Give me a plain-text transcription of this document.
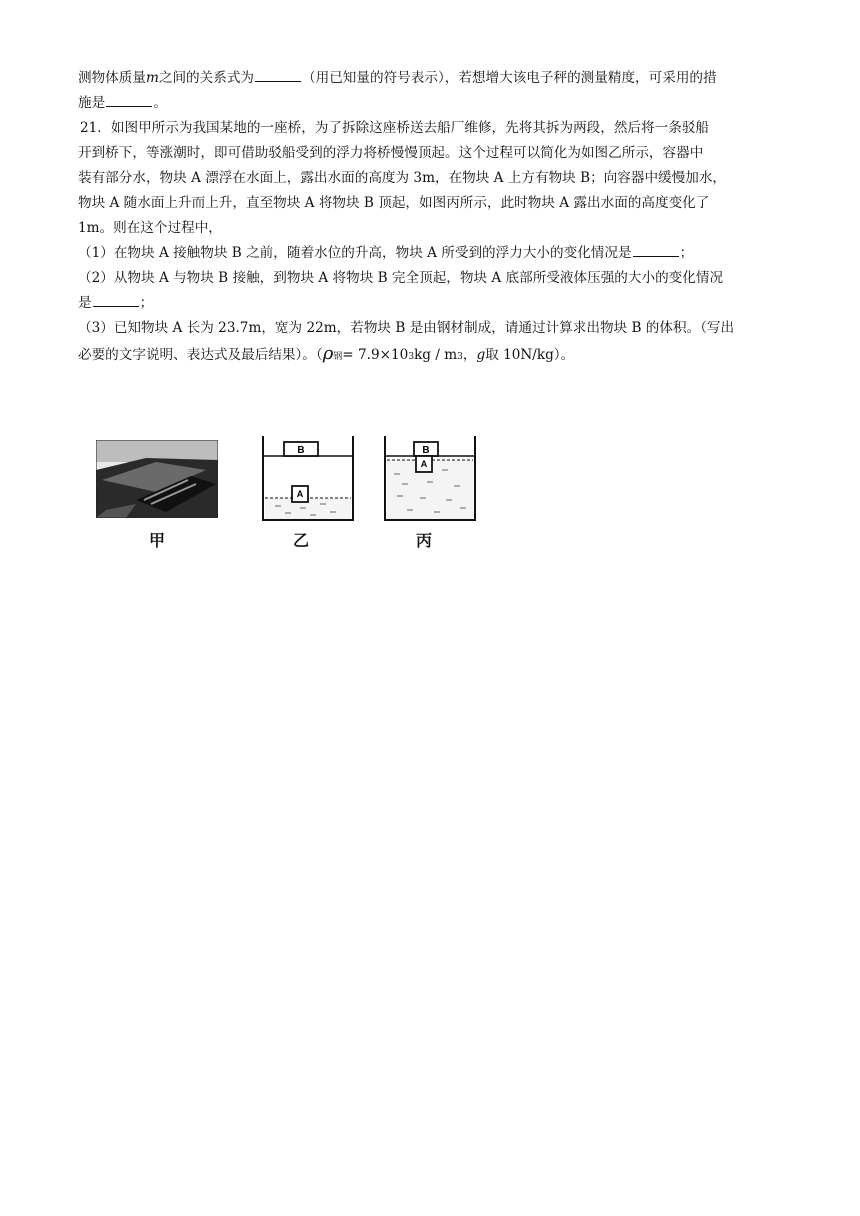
测物体质量 m 之间的关系式为	（用已知量的符号表示），若想增大该电子秤的测量精度，可采用的措
施是	。
21．如图甲所示为我国某地的一座桥，为了拆除这座桥送去船厂维修，先将其拆为两段，然后将一条驳船
开到桥下，等涨潮时，即可借助驳船受到的浮力将桥慢慢顶起。这个过程可以简化为如图乙所示，容器中
装有部分水，物块 A 漂浮在水面上，露出水面的高度为 3m，在物块 A 上方有物块 B；向容器中缓慢加水，
物块 A 随水面上升而上升，直至物块 A 将物块 B 顶起，如图丙所示，此时物块 A 露出水面的高度变化了
1m。则在这个过程中，
（1）在物块 A 接触物块 B 之前，随着水位的升高，物块 A 所受到的浮力大小的变化情况是	；
（2）从物块 A 与物块 B 接触，到物块 A 将物块 B 完全顶起，物块 A 底部所受液体压强的大小的变化情况
是	；
（3）已知物块 A 长为 23.7m，宽为 22m，若物块 B 是由钢材制成，请通过计算求出物块 B 的体积。（写出
必要的文字说明、表达式及最后结果）。（ ρ 钢 = 7.9×10 3 kg / m 3 ， g 取 10N/kg）。
甲
B
A
乙
B
A
丙
